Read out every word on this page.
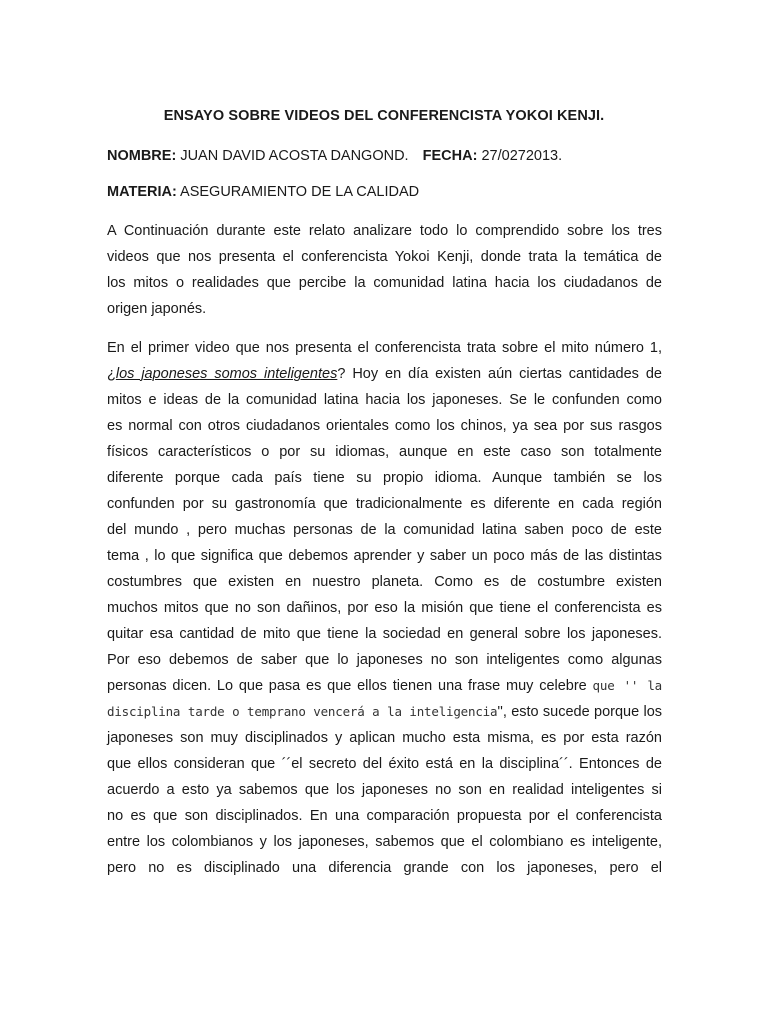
ENSAYO SOBRE VIDEOS DEL CONFERENCISTA YOKOI KENJI.
NOMBRE: JUAN DAVID ACOSTA DANGOND. FECHA: 27/0272013.
MATERIA: ASEGURAMIENTO DE LA CALIDAD
A Continuación durante este relato analizare todo lo comprendido sobre los tres
videos que nos presenta el conferencista Yokoi Kenji, donde trata la temática de
los mitos o realidades que percibe la comunidad latina hacia los ciudadanos de
origen japonés.
En el primer video que nos presenta el conferencista trata sobre el mito número 1,
¿los japoneses somos inteligentes? Hoy en día existen aún ciertas cantidades de
mitos e ideas de la comunidad latina hacia los japoneses. Se le confunden como
es normal con otros ciudadanos orientales como los chinos, ya sea por sus rasgos
físicos característicos o por su idiomas, aunque en este caso son totalmente
diferente porque cada país tiene su propio idioma. Aunque también se los
confunden por su gastronomía que tradicionalmente es diferente en cada región
del mundo , pero muchas personas de la comunidad latina saben poco de este
tema , lo que significa que debemos aprender y saber un poco más de las distintas
costumbres que existen en nuestro planeta. Como es de costumbre existen
muchos mitos que no son dañinos, por eso la misión que tiene el conferencista es
quitar esa cantidad de mito que tiene la sociedad en general sobre los japoneses.
Por eso debemos de saber que lo japoneses no son inteligentes como algunas
personas dicen. Lo que pasa es que ellos tienen una frase muy celebre que '' la
disciplina tarde o temprano vencerá a la inteligencia'', esto sucede porque los
japoneses son muy disciplinados y aplican mucho esta misma, es por esta razón
que ellos consideran que ´´el secreto del éxito está en la disciplina´´. Entonces de
acuerdo a esto ya sabemos que los japoneses no son en realidad inteligentes si
no es que son disciplinados. En una comparación propuesta por el conferencista
entre los colombianos y los japoneses, sabemos que el colombiano es inteligente,
pero no es disciplinado una diferencia grande con los japoneses, pero el
